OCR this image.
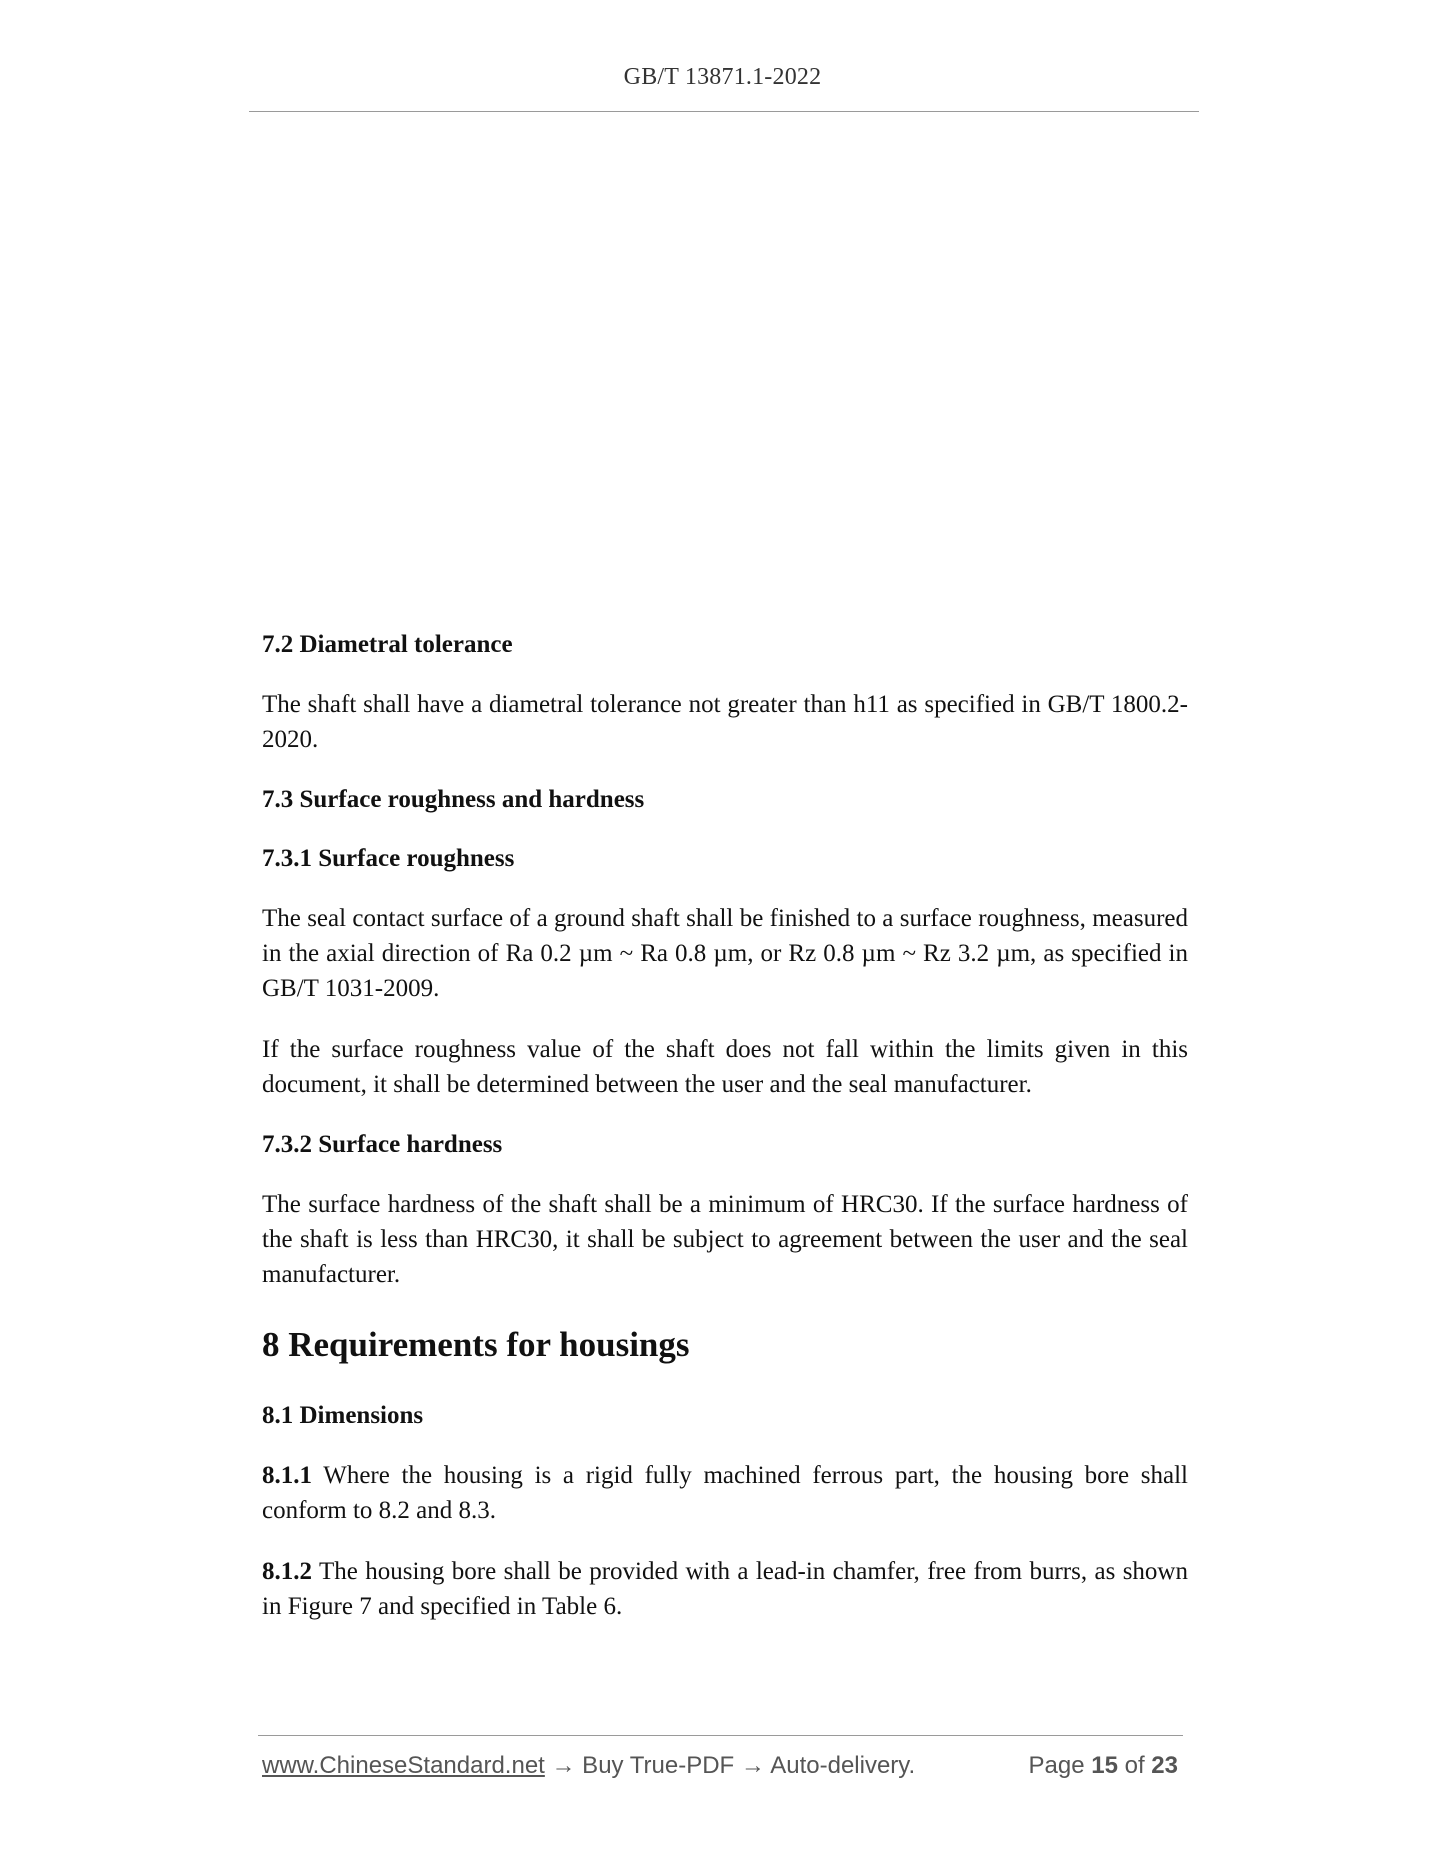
GB/T 13871.1-2022
7.2 Diametral tolerance
The shaft shall have a diametral tolerance not greater than h11 as specified in GB/T 1800.2-2020.
7.3 Surface roughness and hardness
7.3.1 Surface roughness
The seal contact surface of a ground shaft shall be finished to a surface roughness, measured in the axial direction of Ra 0.2 µm ~ Ra 0.8 µm, or Rz 0.8 µm ~ Rz 3.2 µm, as specified in GB/T 1031-2009.
If the surface roughness value of the shaft does not fall within the limits given in this document, it shall be determined between the user and the seal manufacturer.
7.3.2 Surface hardness
The surface hardness of the shaft shall be a minimum of HRC30. If the surface hardness of the shaft is less than HRC30, it shall be subject to agreement between the user and the seal manufacturer.
8 Requirements for housings
8.1 Dimensions
8.1.1 Where the housing is a rigid fully machined ferrous part, the housing bore shall conform to 8.2 and 8.3.
8.1.2 The housing bore shall be provided with a lead-in chamfer, free from burrs, as shown in Figure 7 and specified in Table 6.
www.ChineseStandard.net → Buy True-PDF → Auto-delivery.	Page 15 of 23
